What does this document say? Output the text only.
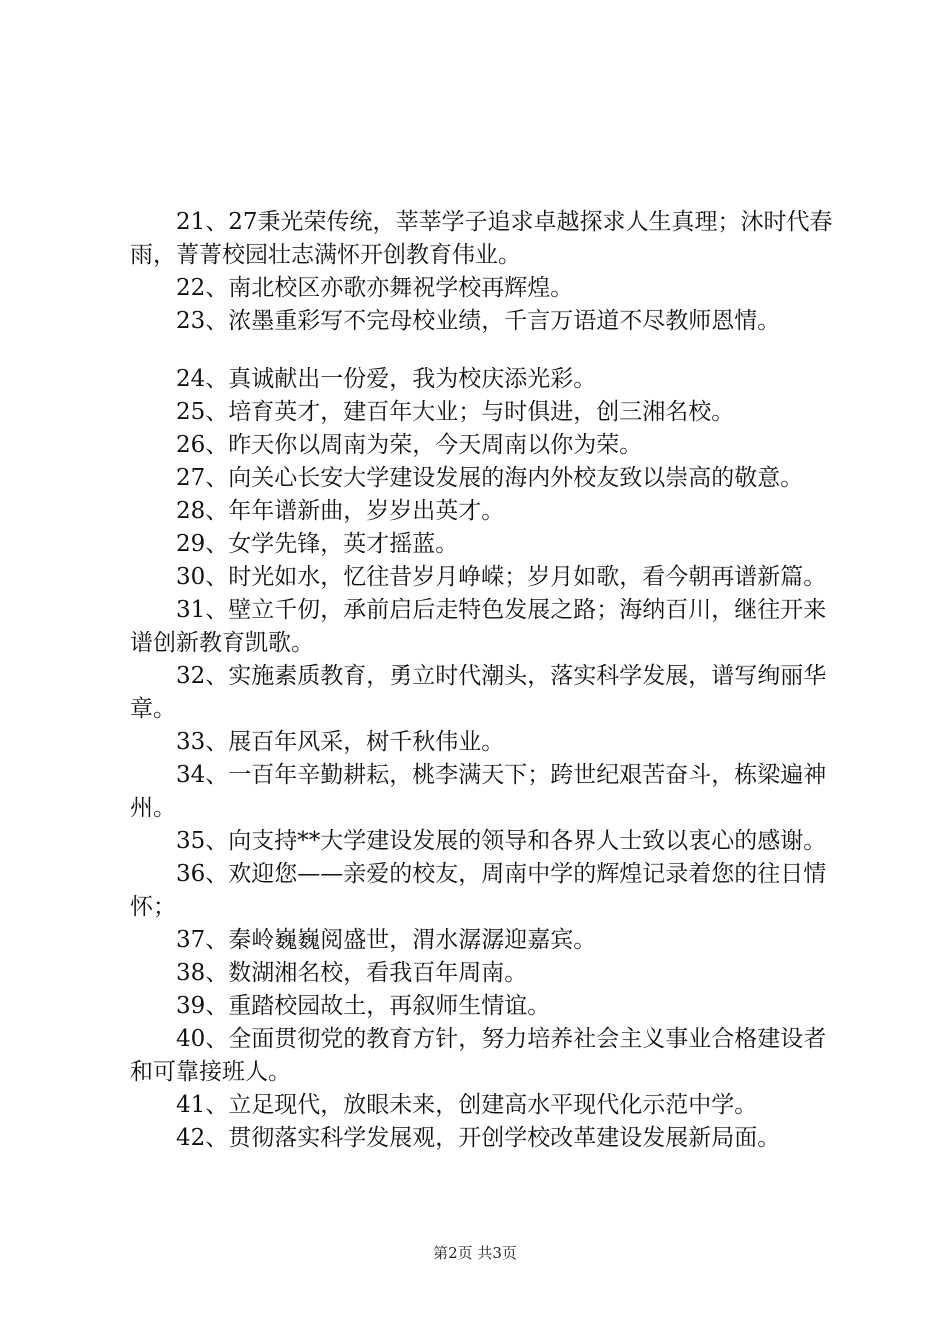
21、27秉光荣传统，莘莘学子追求卓越探求人生真理；沐时代春雨，菁菁校园壮志满怀开创教育伟业。

22、南北校区亦歌亦舞祝学校再辉煌。

23、浓墨重彩写不完母校业绩，千言万语道不尽教师恩情。

24、真诚献出一份爱，我为校庆添光彩。

25、培育英才，建百年大业；与时俱进，创三湘名校。

26、昨天你以周南为荣，今天周南以你为荣。

27、向关心长安大学建设发展的海内外校友致以崇高的敬意。

28、年年谱新曲，岁岁出英才。

29、女学先锋，英才摇蓝。

30、时光如水，忆往昔岁月峥嵘；岁月如歌，看今朝再谱新篇。

31、壁立千仞，承前启后走特色发展之路；海纳百川，继往开来谱创新教育凯歌。

32、实施素质教育，勇立时代潮头，落实科学发展，谱写绚丽华章。

33、展百年风采，树千秋伟业。

34、一百年辛勤耕耘，桃李满天下；跨世纪艰苦奋斗，栋梁遍神州。

35、向支持**大学建设发展的领导和各界人士致以衷心的感谢。

36、欢迎您——亲爱的校友，周南中学的辉煌记录着您的往日情怀；

37、秦岭巍巍阅盛世，渭水潺潺迎嘉宾。

38、数湖湘名校，看我百年周南。

39、重踏校园故土，再叙师生情谊。

40、全面贯彻党的教育方针，努力培养社会主义事业合格建设者和可靠接班人。

41、立足现代，放眼未来，创建高水平现代化示范中学。

42、贯彻落实科学发展观，开创学校改革建设发展新局面。

第2页 共3页
